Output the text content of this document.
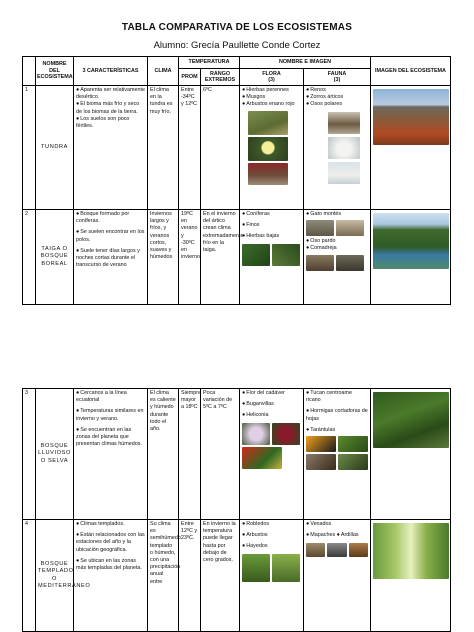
TABLA COMPARATIVA DE LOS ECOSISTEMAS
Alumno: Grecía Paullette Conde Cortez
	NOMBRE DEL ECOSISTEMA	3 CARACTERÍSTICAS	CLIMA	TEMPERATURA		NOMBRE E IMAGEN		IMAGEN DEL ECOSISTEMA
				PROM	RANGO EXTREMOS	FLORA
(3)	FAUNA
(3)	
1	TUNDRA	● Aparenta ser relativamente desértico.
● El bioma más frío y seco de los biomas de la tierra.
● Los suelos son poco fértiles.	El clima en la tundra es muy frío.	Entre -34ºC y 12ºC	6ºC	● Hierbas perennes
● Musgos
● Arbustos enano rojo	● Renos
● Zorros árticos
● Osos polares

2	TAIGA O BOSQUE BOREAL	● Bosque formado por coníferas.
● Se suelen encontrar en los polos.
● Suele tener días largos y noches cortas durante el transcurso de verano	Inviernos largos y fríos, y veranos cortos, suaves y húmedos	19ºC en verano y -30ºC en invierno	En el invierno del ártico crean clima extremadamente frío en la taiga.	● Coníferas
● Finos
● Hierbas bajas	● Gato montés
● Oso pardo
● Comadreja

3	BOSQUE LLUVIOSO O SELVA	● Cercanos a la línea ecuatorial
● Temperaturas similares en invierno y verano.
● Se encuentran en las zonas del planeta que presentan climas húmedos.	El clima es caliente y húmedo durante todo el año.	Siempre mayor a 18ºC	Poca variación de 5ºC a 7ºC	● Flor del cadáver
● Buganvillas
● Heliconia	● Tucan centroame ricano
● Hormigas cortadoras de hojas
● Tarántulas

4	BOSQUE TEMPLADO O MEDITERRÁNEO	● Climas templados.
● Están relacionados con las estaciones del año y la ubicación geográfica.
● Se ubican en las zonas más templadas del planeta.	Su clima es semihúmedo templado o húmedo, con una precipitación anual entre	Entre 12ºC y 23ºC.	En invierno la temperatura puede llegar hasta por debajo de cero grados.	● Robledos
● Arbustos
● Hayedos	● Venados
● Mapaches ● Ardillas
